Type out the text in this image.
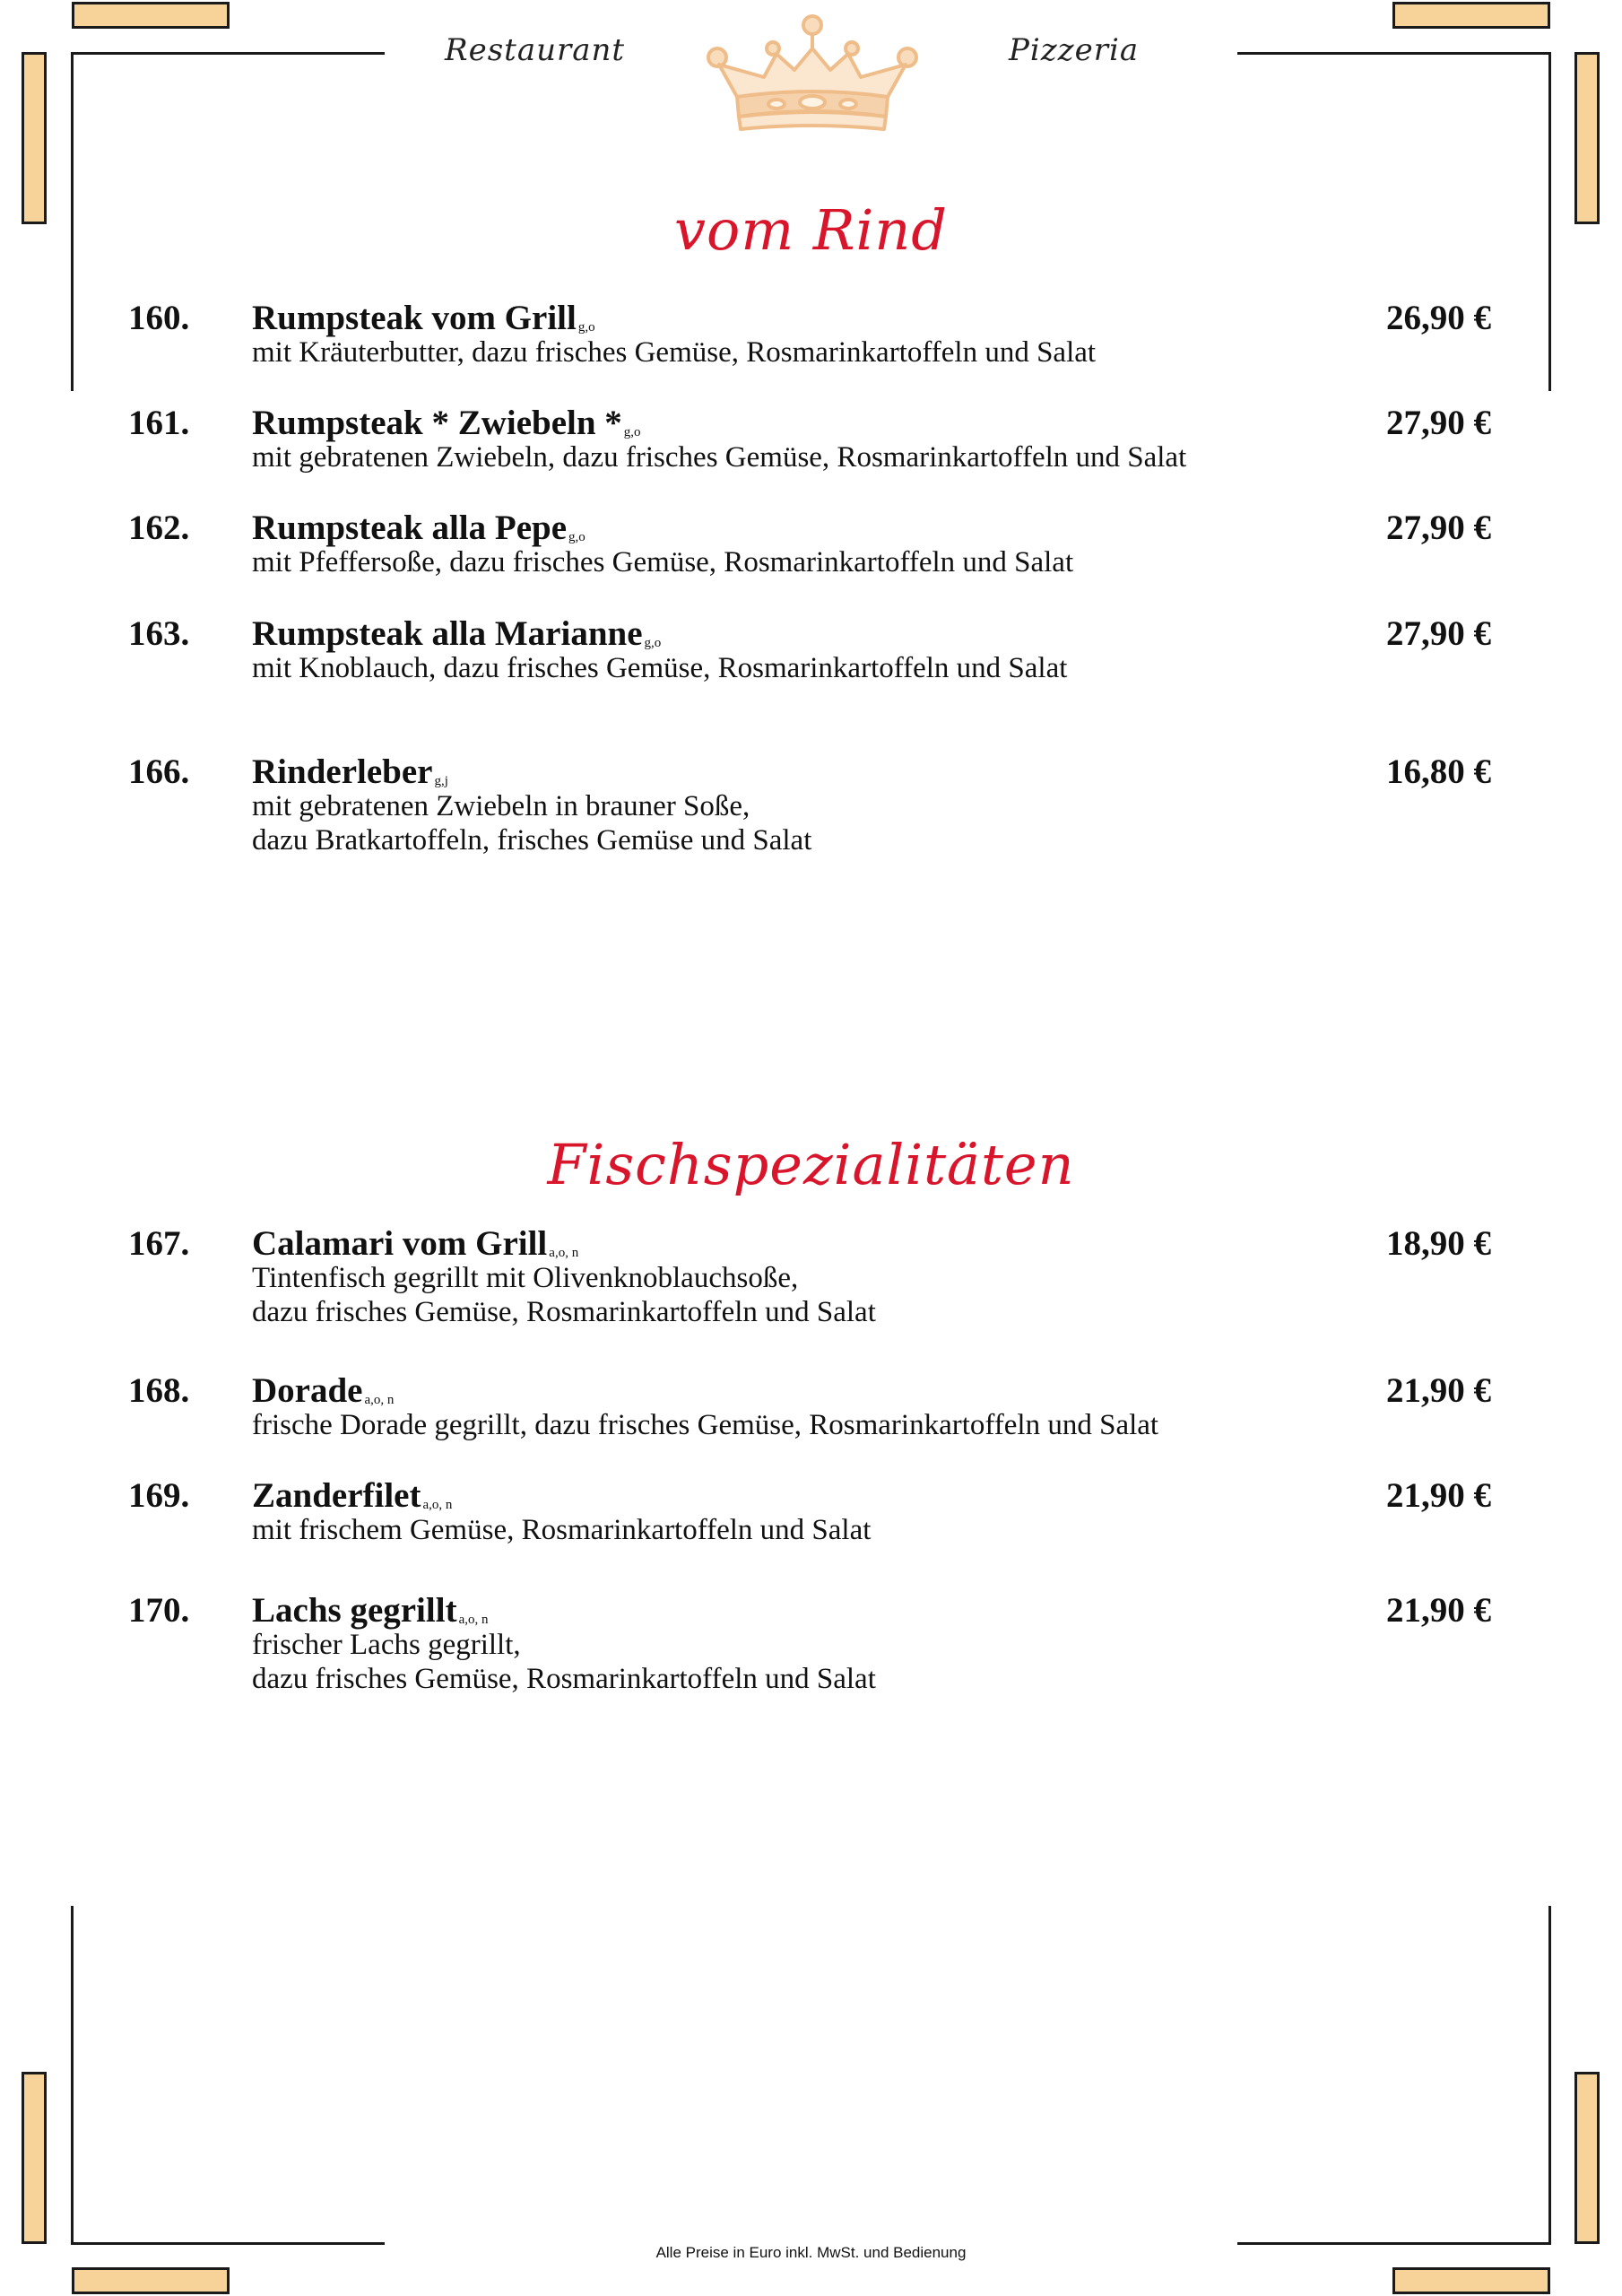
Restaurant	Pizzeria
vom Rind
160. Rumpsteak vom Grill $_{g,o}$	26,90 €
mit Kräuterbutter, dazu frisches Gemüse, Rosmarinkartoffeln und Salat
161. Rumpsteak * Zwiebeln * $_{g,o}$	27,90 €
mit gebratenen Zwiebeln, dazu frisches Gemüse, Rosmarinkartoffeln und Salat
162. Rumpsteak alla Pepe $_{g,o}$	27,90 €
mit Pfeffersoße, dazu frisches Gemüse, Rosmarinkartoffeln und Salat
163. Rumpsteak alla Marianne $_{g,o}$	27,90 €
mit Knoblauch, dazu frisches Gemüse, Rosmarinkartoffeln und Salat
166. Rinderleber $_{g,j}$	16,80 €
mit gebratenen Zwiebeln in brauner Soße,
dazu Bratkartoffeln, frisches Gemüse und Salat
Fischspezialitäten
167. Calamari vom Grill $_{a,o, n}$	18,90 €
Tintenfisch gegrillt mit Olivenknoblauchsoße,
dazu frisches Gemüse, Rosmarinkartoffeln und Salat
168. Dorade $_{a,o, n}$	21,90 €
frische Dorade gegrillt, dazu frisches Gemüse, Rosmarinkartoffeln und Salat
169. Zanderfilet $_{a,o, n}$	21,90 €
mit frischem Gemüse, Rosmarinkartoffeln und Salat
170. Lachs gegrillt $_{a,o, n}$	21,90 €
frischer Lachs gegrillt,
dazu frisches Gemüse, Rosmarinkartoffeln und Salat
Alle Preise in Euro inkl. MwSt. und Bedienung
